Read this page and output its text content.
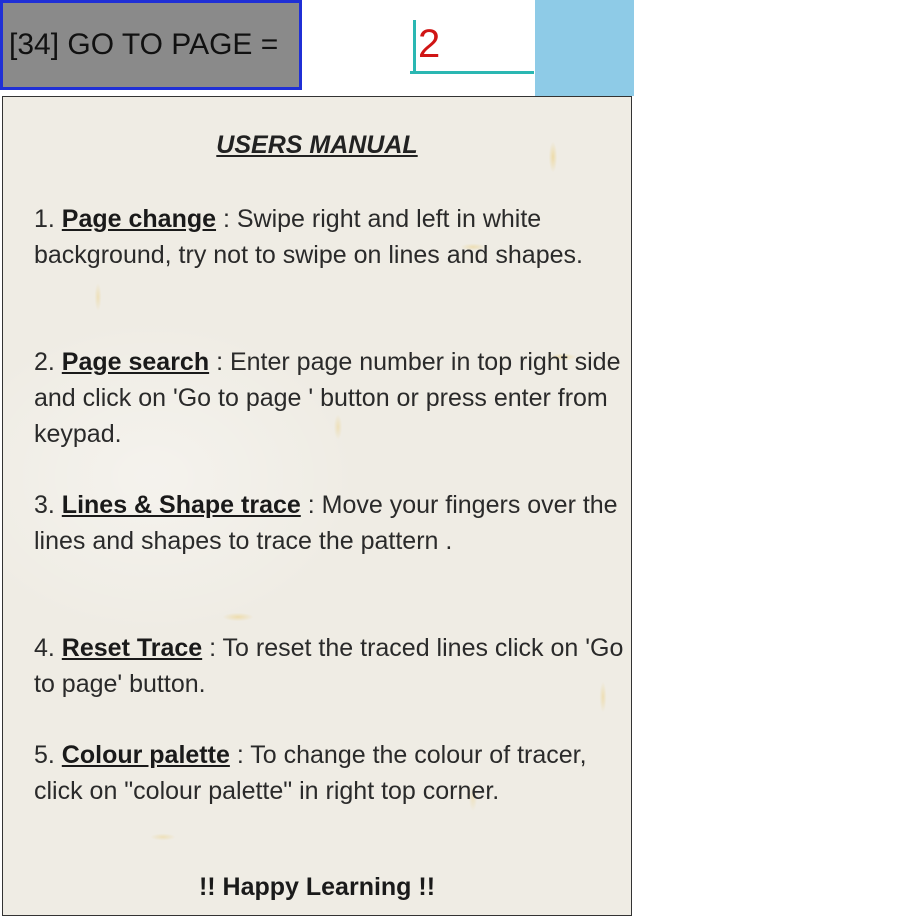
[34] GO TO PAGE =
2
USERS MANUAL
1. Page change : Swipe right and left in white background, try not to swipe on lines and shapes.
2. Page search : Enter page number in top right side and click on 'Go to page ' button or press enter from keypad.
3. Lines & Shape trace : Move your fingers over the lines and shapes to trace the pattern .
4. Reset Trace : To reset the traced lines click on 'Go to page' button.
5. Colour palette : To change the colour of tracer, click on "colour palette" in right top corner.
!! Happy Learning !!
